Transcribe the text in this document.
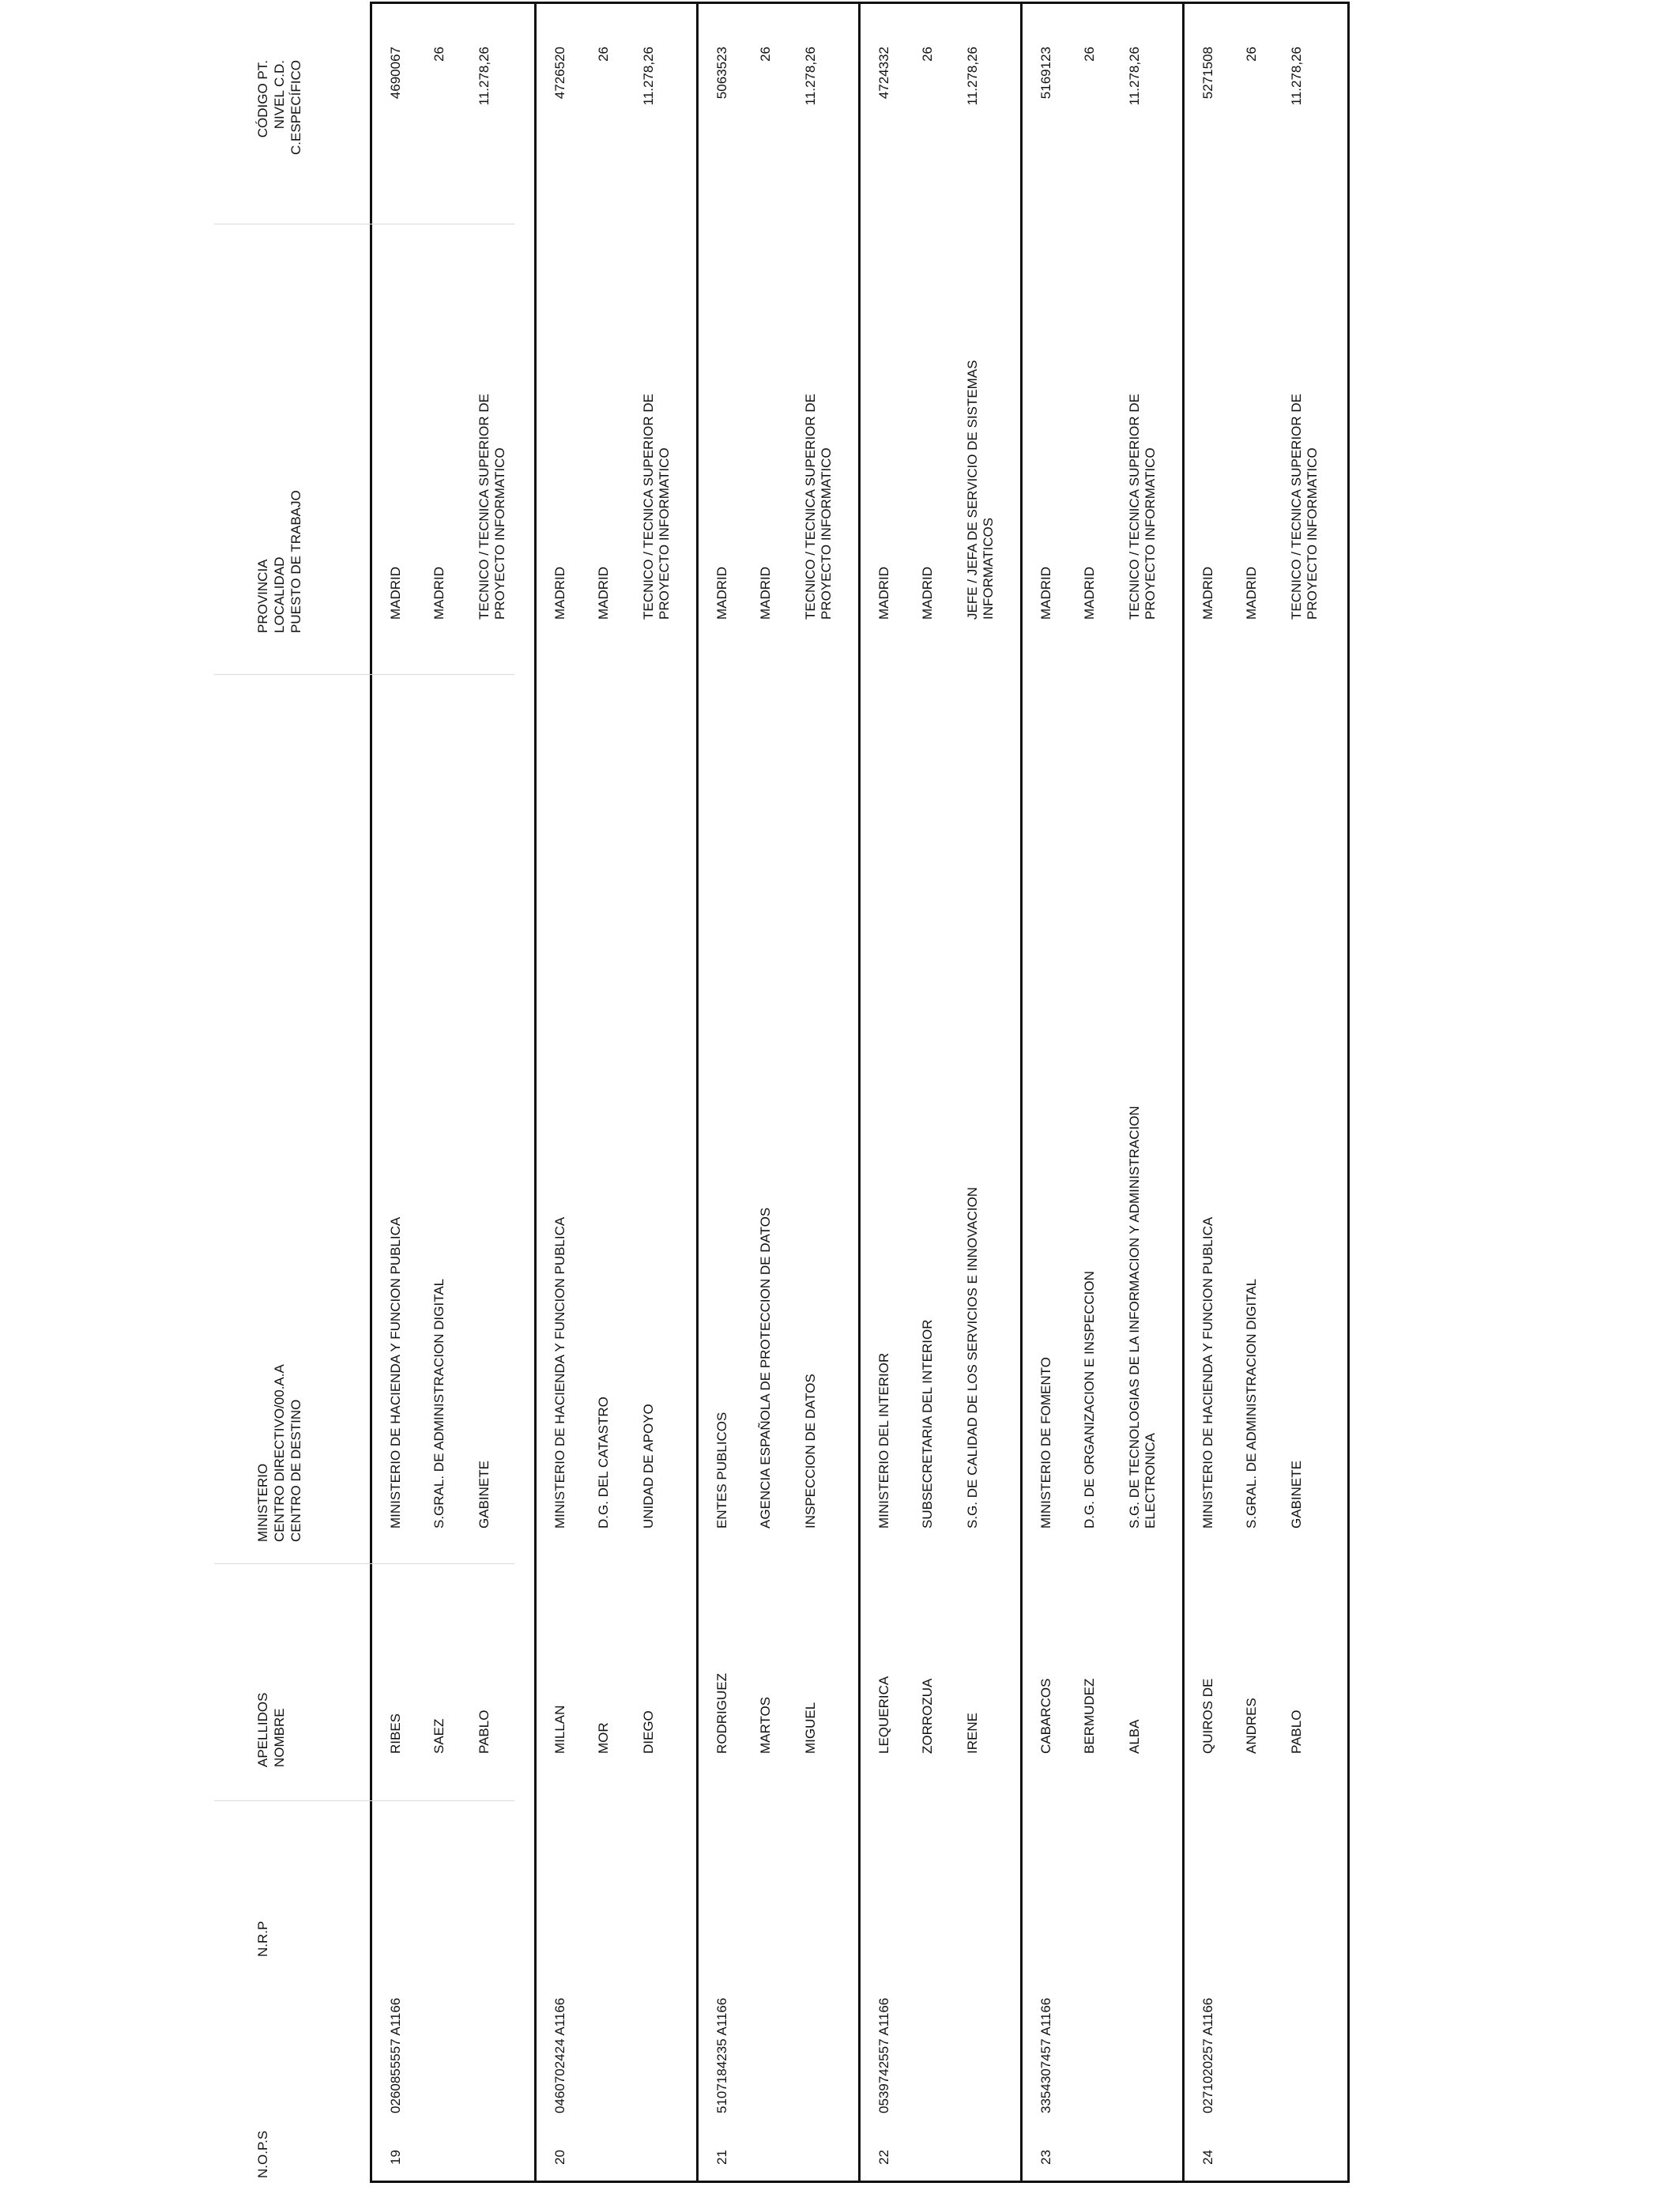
N.O.P.S
N.R.P
APELLIDOS NOMBRE
MINISTERIO CENTRO DIRECTIVO/00.A.A CENTRO DE DESTINO
PROVINCIA LOCALIDAD PUESTO DE TRABAJO
CÓDIGO PT. NIVEL C.D. C.ESPECÍFICO
19
0260855557 A1166
RIBES SAEZ PABLO
MINISTERIO DE HACIENDA Y FUNCION PUBLICA S.GRAL. DE ADMINISTRACION DIGITAL GABINETE
MADRID MADRID TECNICO / TECNICA SUPERIOR DE PROYECTO INFORMATICO
4690067 26 11.278,26
20
0460702424 A1166
MILLAN MOR DIEGO
MINISTERIO DE HACIENDA Y FUNCION PUBLICA D.G. DEL CATASTRO UNIDAD DE APOYO
MADRID MADRID TECNICO / TECNICA SUPERIOR DE PROYECTO INFORMATICO
4726520 26 11.278,26
21
5107184235 A1166
RODRIGUEZ MARTOS MIGUEL
ENTES PUBLICOS AGENCIA ESPAÑOLA DE PROTECCION DE DATOS INSPECCION DE DATOS
MADRID MADRID TECNICO / TECNICA SUPERIOR DE PROYECTO INFORMATICO
5063523 26 11.278,26
22
0539742557 A1166
LEQUERICA ZORROZUA IRENE
MINISTERIO DEL INTERIOR SUBSECRETARIA DEL INTERIOR S.G. DE CALIDAD DE LOS SERVICIOS E INNOVACION
MADRID MADRID JEFE / JEFA DE SERVICIO DE SISTEMAS INFORMATICOS
4724332 26 11.278,26
23
3354307457 A1166
CABARCOS BERMUDEZ ALBA
MINISTERIO DE FOMENTO D.G. DE ORGANIZACION E INSPECCION S.G. DE TECNOLOGIAS DE LA INFORMACION Y ADMINISTRACION ELECTRONICA
MADRID MADRID TECNICO / TECNICA SUPERIOR DE PROYECTO INFORMATICO
5169123 26 11.278,26
24
0271020257 A1166
QUIROS DE ANDRES PABLO
MINISTERIO DE HACIENDA Y FUNCION PUBLICA S.GRAL. DE ADMINISTRACION DIGITAL GABINETE
MADRID MADRID TECNICO / TECNICA SUPERIOR DE PROYECTO INFORMATICO
5271508 26 11.278,26
